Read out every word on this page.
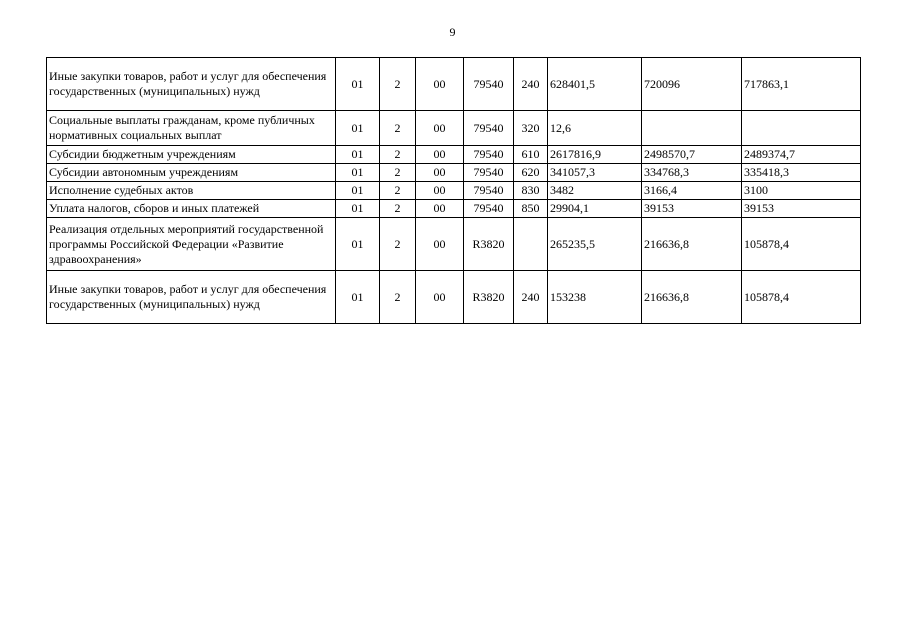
9
Иные закупки товаров, работ и услуг для обеспечения государственных (муниципальных) нужд	01	2	00	79540	240	628401,5	720096	717863,1
Социальные выплаты гражданам, кроме публичных нормативных социальных выплат	01	2	00	79540	320	12,6		
Субсидии бюджетным учреждениям	01	2	00	79540	610	2617816,9	2498570,7	2489374,7
Субсидии автономным учреждениям	01	2	00	79540	620	341057,3	334768,3	335418,3
Исполнение судебных актов	01	2	00	79540	830	3482	3166,4	3100
Уплата налогов, сборов и иных платежей	01	2	00	79540	850	29904,1	39153	39153
Реализация отдельных мероприятий государственной программы Российской Федерации «Развитие здравоохранения»	01	2	00	R3820		265235,5	216636,8	105878,4
Иные закупки товаров, работ и услуг для обеспечения государственных (муниципальных) нужд	01	2	00	R3820	240	153238	216636,8	105878,4
